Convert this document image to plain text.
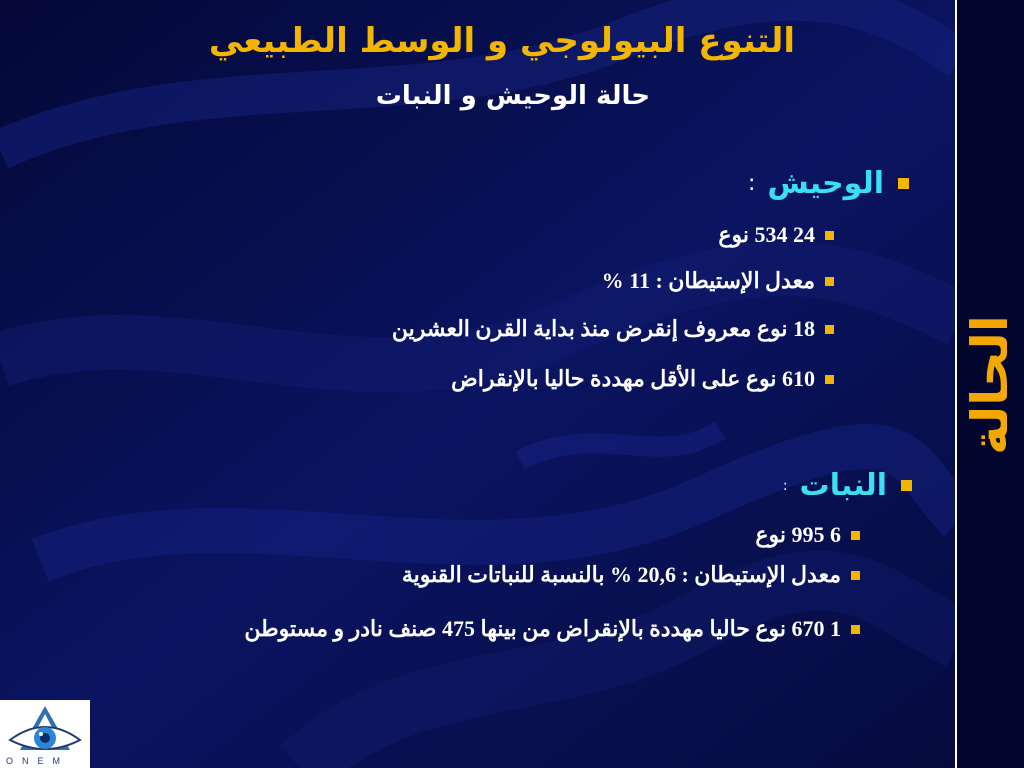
الحالة
التنوع البيولوجي و الوسط الطبيعي
حالة الوحيش و النبات
الوحيش
:
24 534 نوع
معدل الإستيطان : 11 %
18 نوع معروف إنقرض منذ بداية القرن العشرين
610 نوع على الأقل مهددة حاليا بالإنقراض
النبات
:
6 995 نوع
معدل الإستيطان : 20,6 % بالنسبة للنباتات القنوية
1 670 نوع حاليا مهددة بالإنقراض من بينها 475 صنف نادر و مستوطن
ONEM
